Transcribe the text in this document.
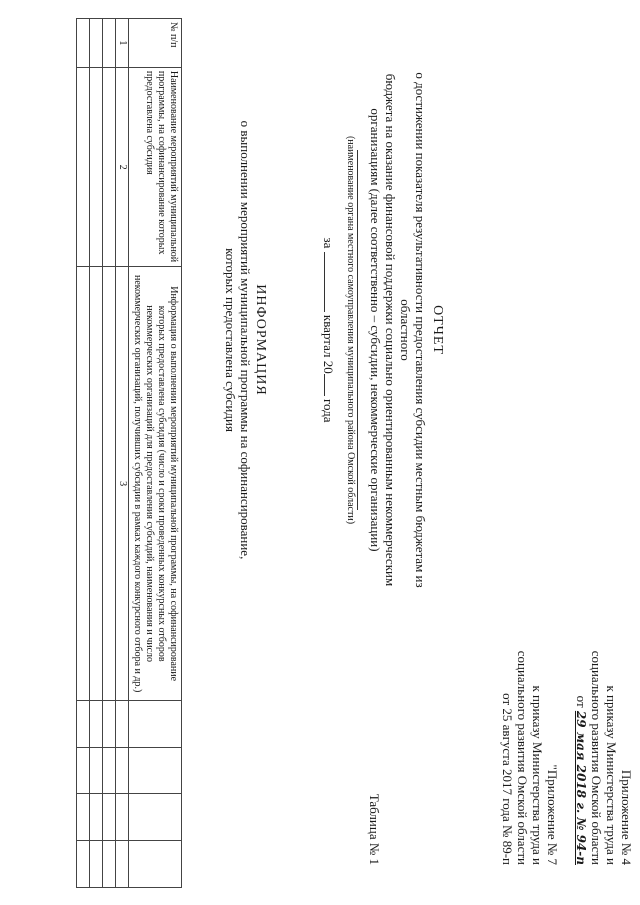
Приложение № 4
к приказу Министерства труда и
социального развития Омской области
от 29 мая 2018 г. № 94-п
"Приложение № 7
к приказу Министерства труда и
социального развития Омской области
от 25 августа 2017 года № 89-п
Таблица № 1
ОТЧЕТ
о достижении показателя результативности предоставления субсидии местным бюджетам из областного
бюджета на оказание финансовой поддержки социально ориентированным некоммерческим
организациям (далее соответственно – субсидии, некоммерческие организации)
(наименование органа местного самоуправления муниципального района Омской области)
за  квартал 20 года
ИНФОРМАЦИЯ
о выполнении мероприятий муниципальной программы на софинансирование,
которых предоставлена субсидия
№ п/п	Наименование мероприятий муниципальной программы, на софинансирование которых предоставлена субсидия	Информация о выполнении мероприятий муниципальной программы, на софинансирование которых предоставлена субсидия (число и сроки проведенных конкурсных отборов некоммерческих организаций для предоставления субсидий, наименования и число некоммерческих организаций, получивших субсидии в рамках каждого конкурсного отбора и др.)				
1	2	3				
